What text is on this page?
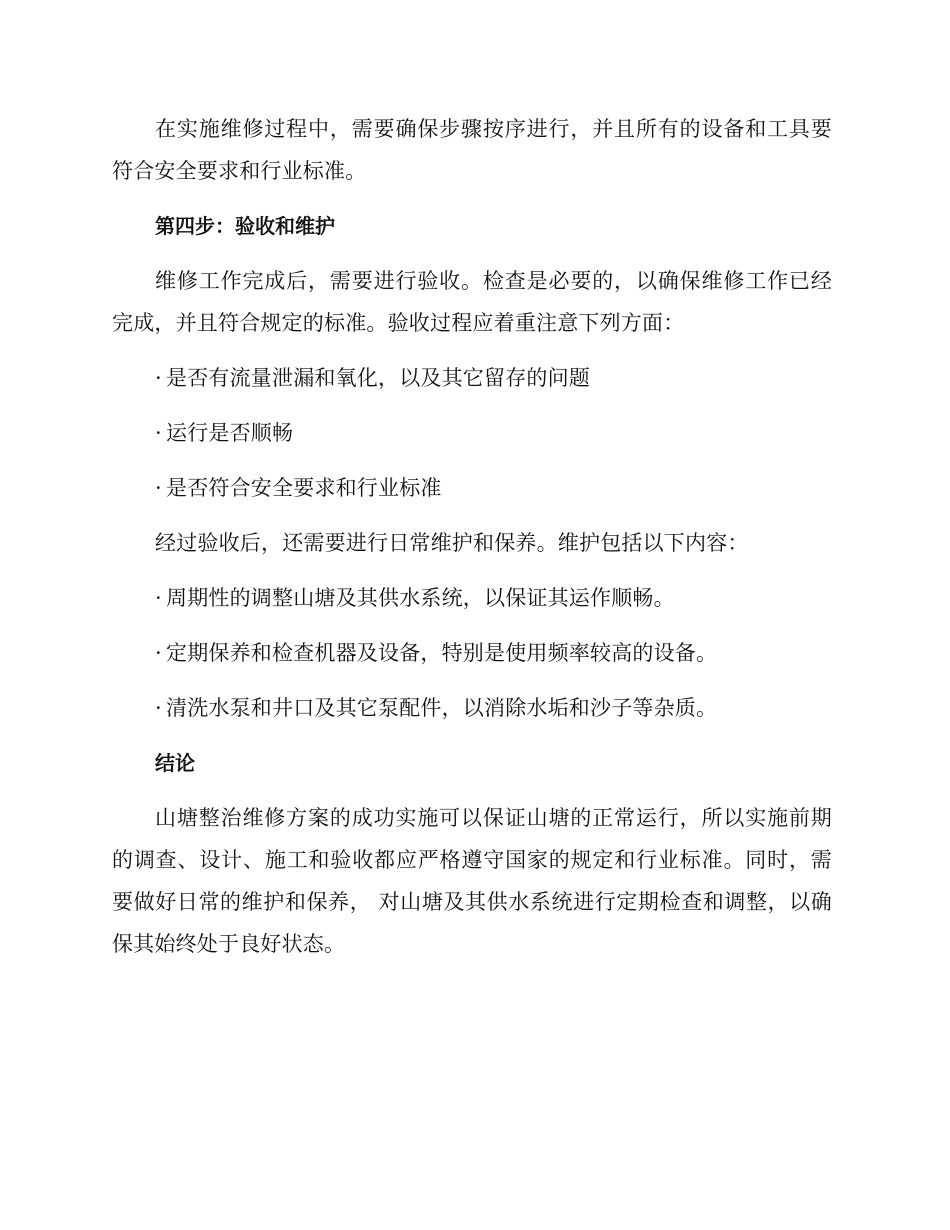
在实施维修过程中，需要确保步骤按序进行，并且所有的设备和工具要符合安全要求和行业标准。

第四步：验收和维护

维修工作完成后，需要进行验收。检查是必要的，以确保维修工作已经完成，并且符合规定的标准。验收过程应着重注意下列方面：

· 是否有流量泄漏和氧化，以及其它留存的问题
· 运行是否顺畅
· 是否符合安全要求和行业标准

经过验收后，还需要进行日常维护和保养。维护包括以下内容：

· 周期性的调整山塘及其供水系统，以保证其运作顺畅。
· 定期保养和检查机器及设备，特别是使用频率较高的设备。
· 清洗水泵和井口及其它泵配件，以消除水垢和沙子等杂质。
结论

山塘整治维修方案的成功实施可以保证山塘的正常运行，所以实施前期的调查、设计、施工和验收都应严格遵守国家的规定和行业标准。同时，需要做好日常的维护和保养， 对山塘及其供水系统进行定期检查和调整，以确保其始终处于良好状态。
